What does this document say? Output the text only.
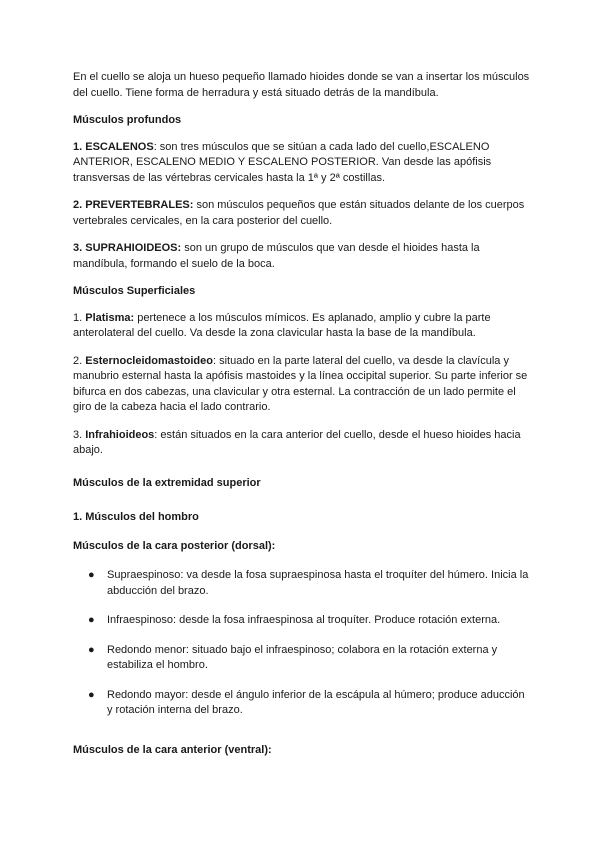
En el cuello se aloja un hueso pequeño llamado hioides donde se van a insertar los músculos del cuello. Tiene forma de herradura y está situado detrás de la mandíbula.

Músculos profundos

1. ESCALENOS: son tres músculos que se sitúan a cada lado del cuello,ESCALENO ANTERIOR, ESCALENO MEDIO Y ESCALENO POSTERIOR. Van desde las apófisis transversas de las vértebras cervicales hasta la 1ª y 2ª costillas.

2. PREVERTEBRALES: son músculos pequeños que están situados delante de los cuerpos vertebrales cervicales, en la cara posterior del cuello.

3. SUPRAHIOIDEOS: son un grupo de músculos que van desde el hioides hasta la mandíbula, formando el suelo de la boca.

Músculos Superficiales

1. Platisma: pertenece a los músculos mímicos. Es aplanado, amplio y cubre la parte anterolateral del cuello. Va desde la zona clavicular hasta la base de la mandíbula.

2. Esternocleidomastoideo: situado en la parte lateral del cuello, va desde la clavícula y manubrio esternal hasta la apófisis mastoides y la línea occipital superior. Su parte inferior se bifurca en dos cabezas, una clavicular y otra esternal. La contracción de un lado permite el giro de la cabeza hacia el lado contrario.

3. Infrahioideos: están situados en la cara anterior del cuello, desde el hueso hioides hacia abajo.

Músculos de la extremidad superior

1. Músculos del hombro

Músculos de la cara posterior (dorsal):

● Supraespinoso: va desde la fosa supraespinosa hasta el troquíter del húmero. Inicia la abducción del brazo.
● Infraespinoso: desde la fosa infraespinosa al troquíter. Produce rotación externa.
● Redondo menor: situado bajo el infraespinoso; colabora en la rotación externa y estabiliza el hombro.
● Redondo mayor: desde el ángulo inferior de la escápula al húmero; produce aducción y rotación interna del brazo.

Músculos de la cara anterior (ventral):
